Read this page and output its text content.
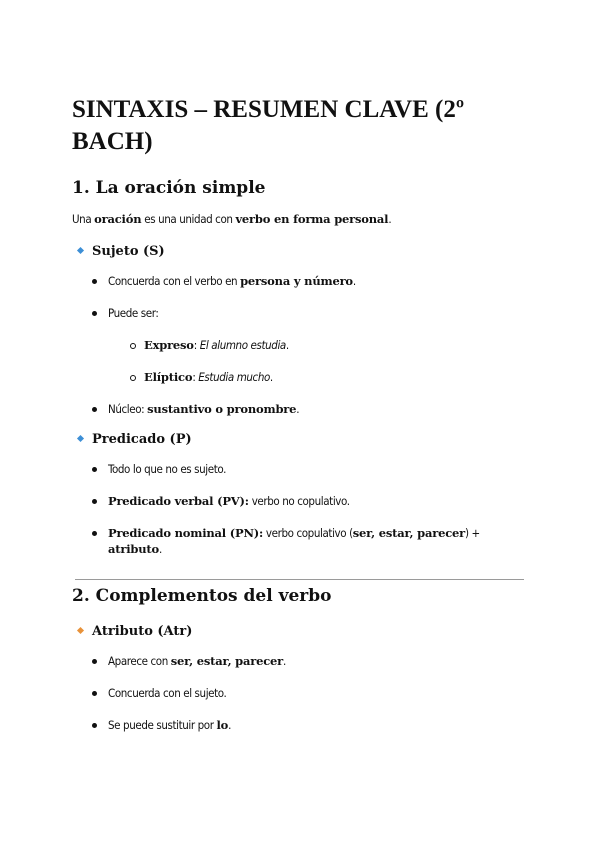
SINTAXIS – RESUMEN CLAVE (2º BACH)
1. La oración simple

Una oración es una unidad con verbo en forma personal.

Sujeto (S)

Concuerda con el verbo en persona y número.

Puede ser:

Expreso: El alumno estudia.

Elíptico: Estudia mucho.

Núcleo: sustantivo o pronombre.

Predicado (P)

Todo lo que no es sujeto.

Predicado verbal (PV): verbo no copulativo.

Predicado nominal (PN): verbo copulativo (ser, estar, parecer) + atributo.

2. Complementos del verbo
Atributo (Atr)

Aparece con ser, estar, parecer.

Concuerda con el sujeto.

Se puede sustituir por lo.
